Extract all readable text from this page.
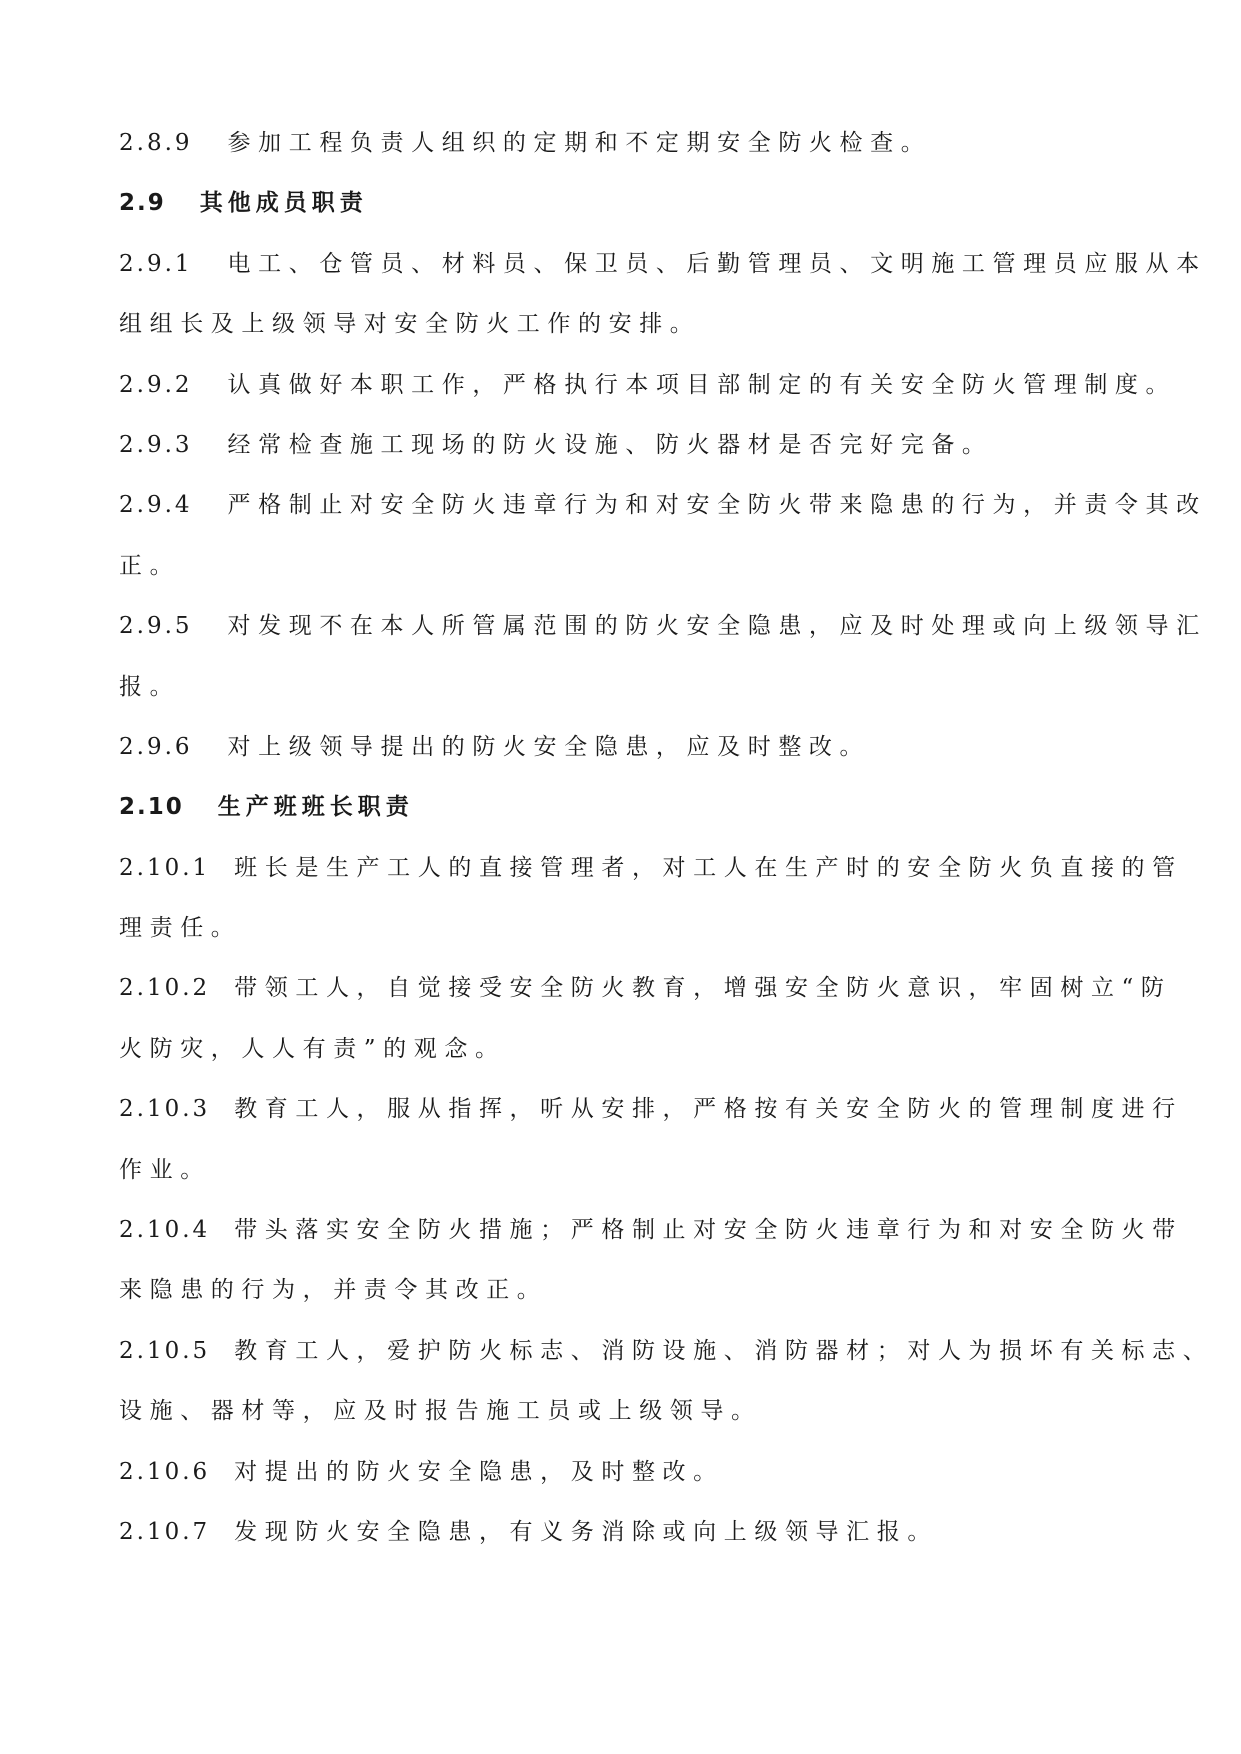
2.8.9 参加工程负责人组织的定期和不定期安全防火检查。
2.9 其他成员职责
2.9.1 电工、仓管员、材料员、保卫员、后勤管理员、文明施工管理员应服从本
组组长及上级领导对安全防火工作的安排。
2.9.2 认真做好本职工作，严格执行本项目部制定的有关安全防火管理制度。
2.9.3 经常检查施工现场的防火设施、防火器材是否完好完备。
2.9.4 严格制止对安全防火违章行为和对安全防火带来隐患的行为，并责令其改
正。
2.9.5 对发现不在本人所管属范围的防火安全隐患，应及时处理或向上级领导汇
报。
2.9.6 对上级领导提出的防火安全隐患，应及时整改。
2.10 生产班班长职责
2.10.1 班长是生产工人的直接管理者，对工人在生产时的安全防火负直接的管
理责任。
2.10.2 带领工人，自觉接受安全防火教育，增强安全防火意识，牢固树立“防
火防灾，人人有责”的观念。
2.10.3 教育工人，服从指挥，听从安排，严格按有关安全防火的管理制度进行
作业。
2.10.4 带头落实安全防火措施；严格制止对安全防火违章行为和对安全防火带
来隐患的行为，并责令其改正。
2.10.5 教育工人，爱护防火标志、消防设施、消防器材；对人为损坏有关标志、
设施、器材等，应及时报告施工员或上级领导。
2.10.6 对提出的防火安全隐患，及时整改。
2.10.7 发现防火安全隐患，有义务消除或向上级领导汇报。
